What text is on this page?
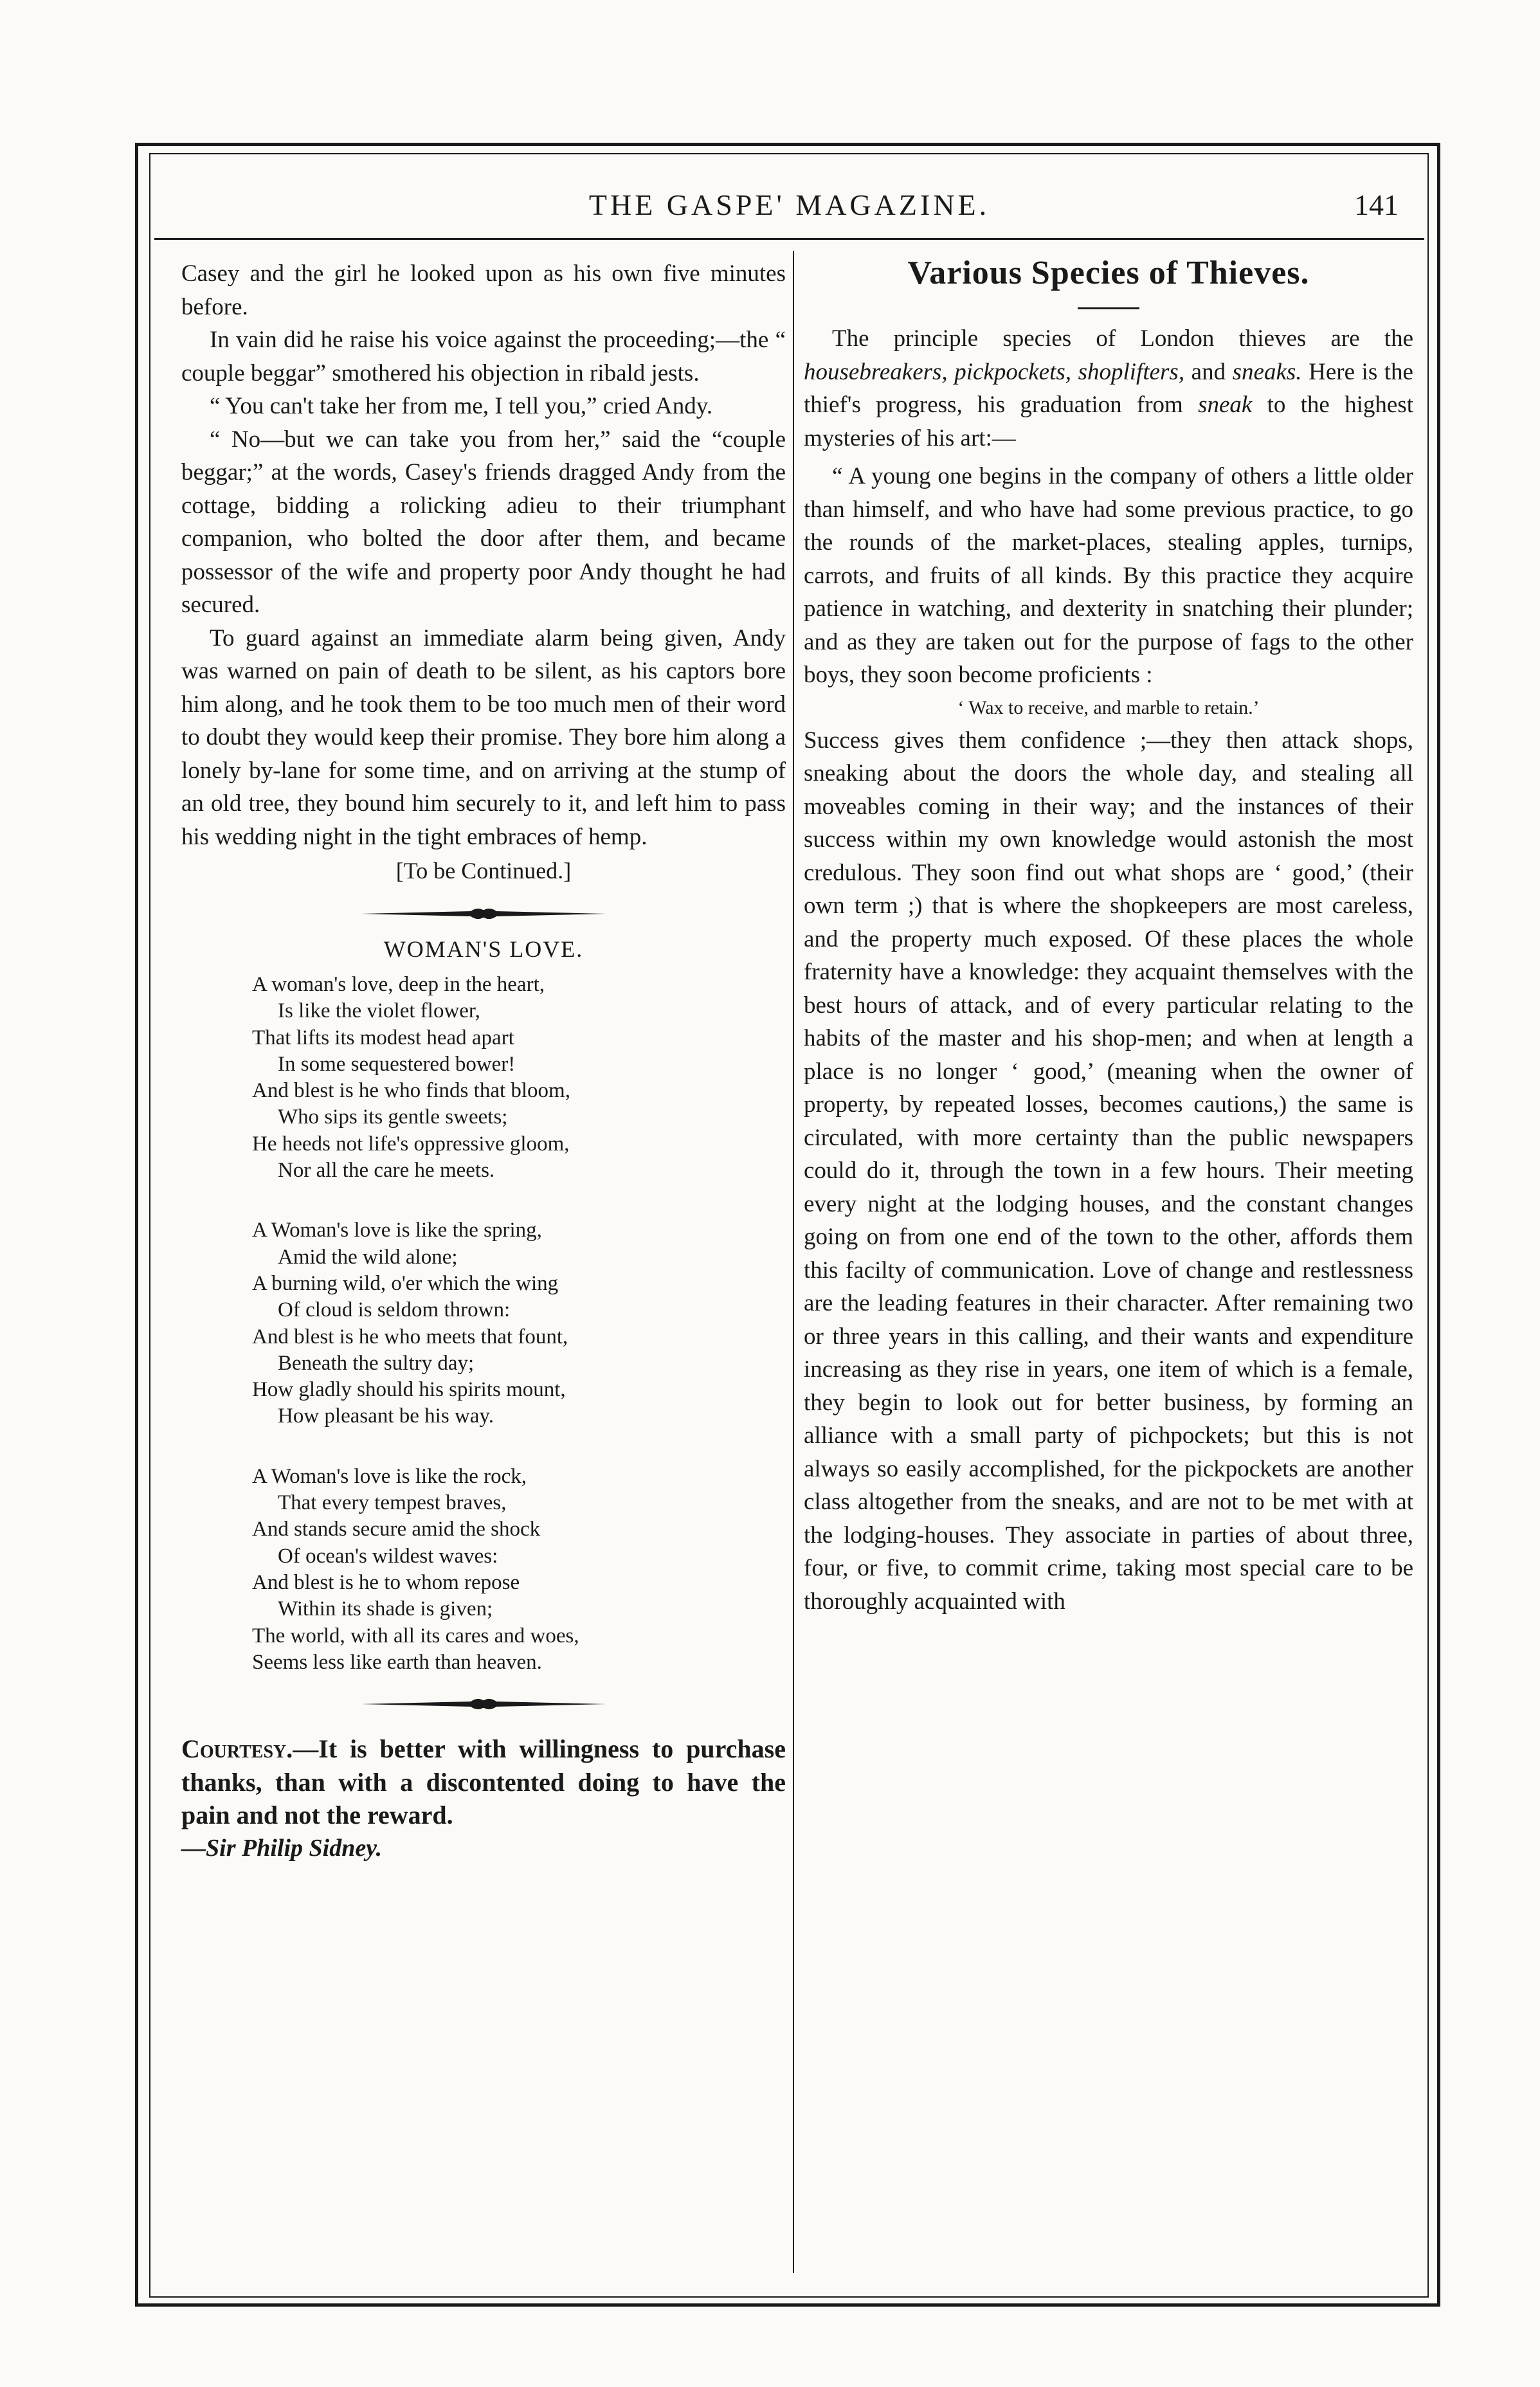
THE GASPE' MAGAZINE.	141

Casey and the girl he looked upon as his own five minutes before.

In vain did he raise his voice against the proceeding;—the “ couple beggar” smothered his objection in ribald jests.

“ You can't take her from me, I tell you,” cried Andy.

“ No—but we can take you from her,” said the “couple beggar;” at the words, Casey's friends dragged Andy from the cottage, bidding a rolicking adieu to their triumphant companion, who bolted the door after them, and became possessor of the wife and property poor Andy thought he had secured.

To guard against an immediate alarm being given, Andy was warned on pain of death to be silent, as his captors bore him along, and he took them to be too much men of their word to doubt they would keep their promise. They bore him along a lonely by-lane for some time, and on arriving at the stump of an old tree, they bound him securely to it, and left him to pass his wedding night in the tight embraces of hemp.

[To be Continued.]

WOMAN'S LOVE.

A woman's love, deep in the heart,

Is like the violet flower,

That lifts its modest head apart

In some sequestered bower!

And blest is he who finds that bloom,

Who sips its gentle sweets;

He heeds not life's oppressive gloom,

Nor all the care he meets.

A Woman's love is like the spring,

Amid the wild alone;

A burning wild, o'er which the wing

Of cloud is seldom thrown:

And blest is he who meets that fount,

Beneath the sultry day;

How gladly should his spirits mount,

How pleasant be his way.

A Woman's love is like the rock,

That every tempest braves,

And stands secure amid the shock

Of ocean's wildest waves:

And blest is he to whom repose

Within its shade is given;

The world, with all its cares and woes,

Seems less like earth than heaven.

Courtesy.—It is better with willingness to purchase thanks, than with a discontented doing to have the pain and not the reward.

—Sir Philip Sidney.

Various Species of Thieves.

The principle species of London thieves are the housebreakers, pickpockets, shoplifters, and sneaks. Here is the thief's progress, his graduation from sneak to the highest mysteries of his art:—

“ A young one begins in the company of others a little older than himself, and who have had some previous practice, to go the rounds of the market-places, stealing apples, turnips, carrots, and fruits of all kinds. By this practice they acquire patience in watching, and dexterity in snatching their plunder; and as they are taken out for the purpose of fags to the other boys, they soon become proficients :

‘ Wax to receive, and marble to retain.’

Success gives them confidence ;—they then attack shops, sneaking about the doors the whole day, and stealing all moveables coming in their way; and the instances of their success within my own knowledge would astonish the most credulous. They soon find out what shops are ‘ good,’ (their own term ;) that is where the shopkeepers are most careless, and the property much exposed. Of these places the whole fraternity have a knowledge: they acquaint themselves with the best hours of attack, and of every particular relating to the habits of the master and his shop-men; and when at length a place is no longer ‘ good,’ (meaning when the owner of property, by repeated losses, becomes cautions,) the same is circulated, with more certainty than the public newspapers could do it, through the town in a few hours. Their meeting every night at the lodging houses, and the constant changes going on from one end of the town to the other, affords them this facilty of communication. Love of change and restlessness are the leading features in their character. After remaining two or three years in this calling, and their wants and expenditure increasing as they rise in years, one item of which is a female, they begin to look out for better business, by forming an alliance with a small party of pichpockets; but this is not always so easily accomplished, for the pickpockets are another class altogether from the sneaks, and are not to be met with at the lodging-houses. They associate in parties of about three, four, or five, to commit crime, taking most special care to be thoroughly acquainted with
